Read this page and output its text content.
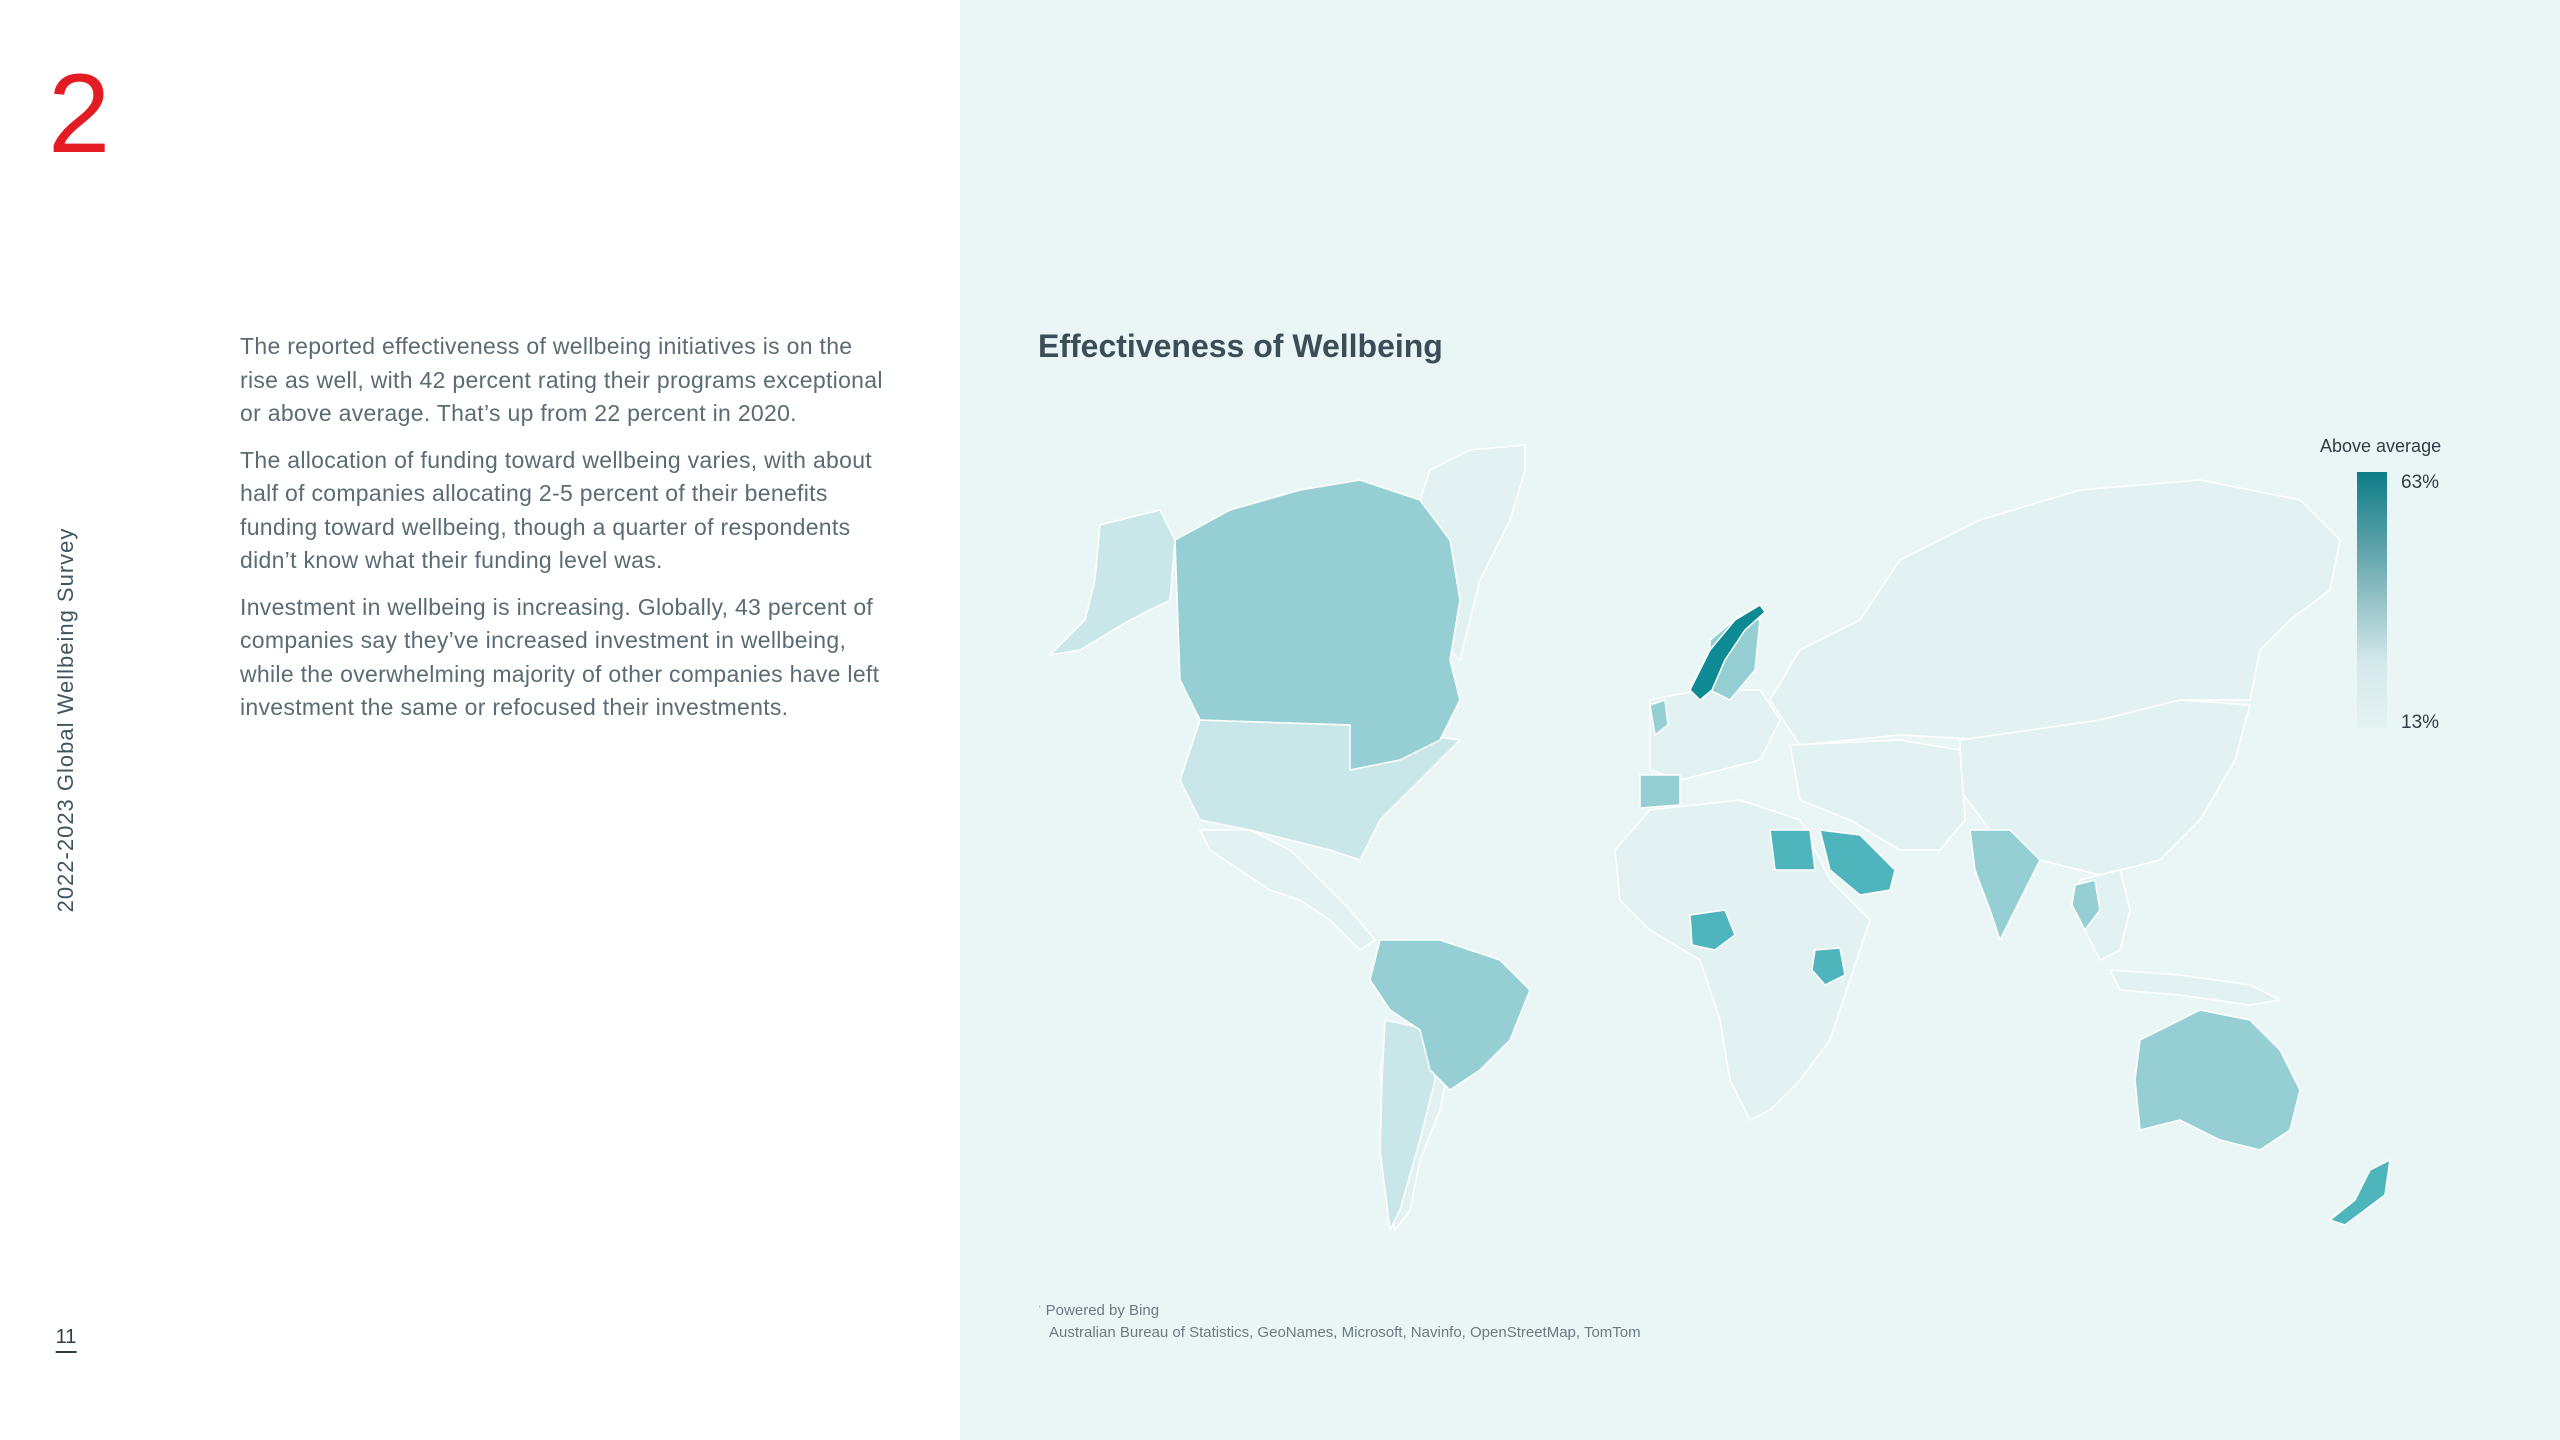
2
2022-2023 Global Wellbeing Survey
11

The reported effectiveness of wellbeing initiatives is on the rise as well, with 42 percent rating their programs exceptional or above average. That’s up from 22 percent in 2020.

The allocation of funding toward wellbeing varies, with about half of companies allocating 2-5 percent of their benefits funding toward wellbeing, though a quarter of respondents didn’t know what their funding level was.

Investment in wellbeing is increasing. Globally, 43 percent of companies say they’ve increased investment in wellbeing, while the overwhelming majority of other companies have left investment the same or refocused their investments.

Effectiveness of Wellbeing
Above average
63%
13%
$^ˈ$ Powered by Bing
Australian Bureau of Statistics, GeoNames, Microsoft, Navinfo, OpenStreetMap, TomTom
